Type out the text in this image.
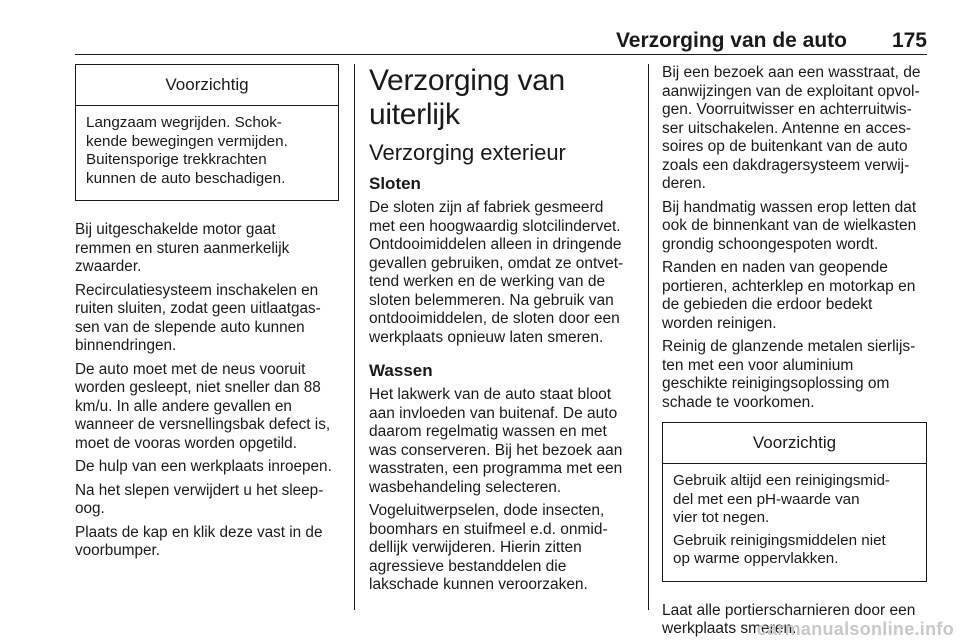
Verzorging van de auto 175
Voorzichtig

Langzaam wegrijden. Schok-
kende bewegingen vermijden.
Buitensporige trekkrachten
kunnen de auto beschadigen.

Bij uitgeschakelde motor gaat
remmen en sturen aanmerkelijk
zwaarder.

Recirculatiesysteem inschakelen en
ruiten sluiten, zodat geen uitlaatgas-
sen van de slepende auto kunnen
binnendringen.

De auto moet met de neus vooruit
worden gesleept, niet sneller dan 88
km/u. In alle andere gevallen en
wanneer de versnellingsbak defect is,
moet de vooras worden opgetild.

De hulp van een werkplaats inroepen.

Na het slepen verwijdert u het sleep-
oog.

Plaats de kap en klik deze vast in de
voorbumper.

Verzorging van uiterlijk
Verzorging exterieur
Sloten

De sloten zijn af fabriek gesmeerd
met een hoogwaardig slotcilindervet.
Ontdooimiddelen alleen in dringende
gevallen gebruiken, omdat ze ontvet-
tend werken en de werking van de
sloten belemmeren. Na gebruik van
ontdooimiddelen, de sloten door een
werkplaats opnieuw laten smeren.

Wassen

Het lakwerk van de auto staat bloot
aan invloeden van buitenaf. De auto
daarom regelmatig wassen en met
was conserveren. Bij het bezoek aan
wasstraten, een programma met een
wasbehandeling selecteren.

Vogeluitwerpselen, dode insecten,
boomhars en stuifmeel e.d. onmid-
dellijk verwijderen. Hierin zitten
agressieve bestanddelen die
lakschade kunnen veroorzaken.

Bij een bezoek aan een wasstraat, de
aanwijzingen van de exploitant opvol-
gen. Voorruitwisser en achterruitwis-
ser uitschakelen. Antenne en acces-
soires op de buitenkant van de auto
zoals een dakdragersysteem verwij-
deren.

Bij handmatig wassen erop letten dat
ook de binnenkant van de wielkasten
grondig schoongespoten wordt.

Randen en naden van geopende
portieren, achterklep en motorkap en
de gebieden die erdoor bedekt
worden reinigen.

Reinig de glanzende metalen sierlijs-
ten met een voor aluminium
geschikte reinigingsoplossing om
schade te voorkomen.

Voorzichtig

Gebruik altijd een reinigingsmid-
del met een pH-waarde van
vier tot negen.

Gebruik reinigingsmiddelen niet
op warme oppervlakken.

Laat alle portierscharnieren door een
werkplaats smeren.

carmanualsonline.info
